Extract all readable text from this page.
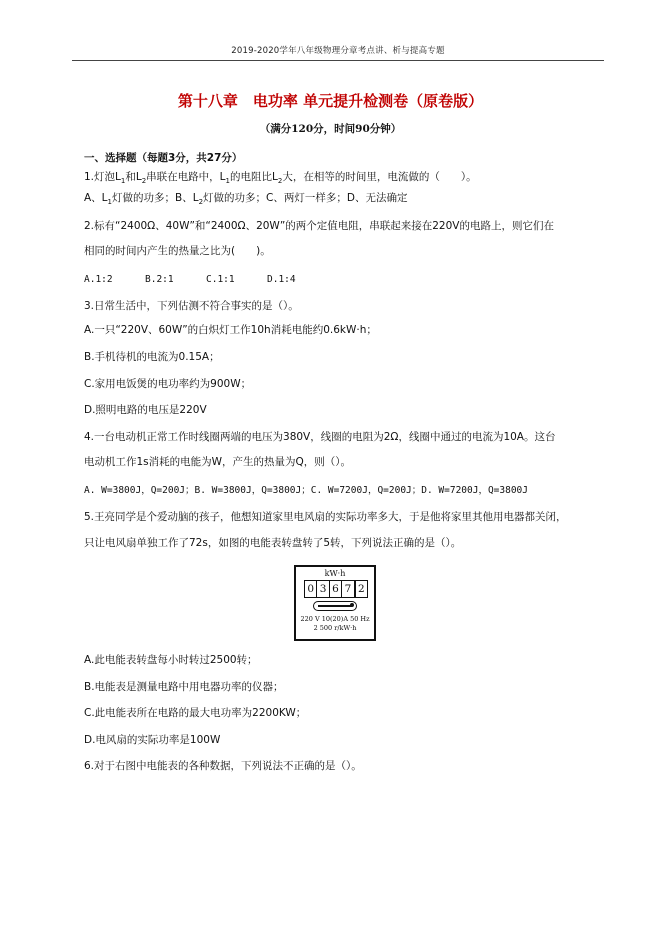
2019-2020学年八年级物理分章考点讲、析与提高专题
第十八章　电功率 单元提升检测卷（原卷版）
（满分120分，时间90分钟）
一、选择题（每题3分，共27分）
1.灯泡$L_1$和$L_2$串联在电路中，$L_1$的电阻比$L_2$大，在相等的时间里，电流做的（　　）。
A、$L_1$灯做的功多；B、$L_2$灯做的功多；C、两灯一样多；D、无法确定
2.标有“2400Ω、40W”和“2400Ω、20W”的两个定值电阻，串联起来接在220V的电路上，则它们在
相同的时间内产生的热量之比为(　　)。
A.1:2	B.2:1	C.1:1	D.1:4
3.日常生活中，下列估测不符合事实的是（）。
A.一只“220V、60W”的白炽灯工作10h消耗电能约0.6kW·h；
B.手机待机的电流为0.15A；
C.家用电饭煲的电功率约为900W；
D.照明电路的电压是220V
4.一台电动机正常工作时线圈两端的电压为380V，线圈的电阻为2Ω，线圈中通过的电流为10A。这台
电动机工作1s消耗的电能为W，产生的热量为Q，则（）。
A. W=3800J，Q=200J；B. W=3800J，Q=3800J；C. W=7200J，Q=200J；D. W=7200J，Q=3800J
5.王亮同学是个爱动脑的孩子，他想知道家里电风扇的实际功率多大，于是他将家里其他用电器都关闭，
只让电风扇单独工作了72s，如图的电能表转盘转了5转，下列说法正确的是（）。
kW·h
0 3 6 7 2
220 V 10(20)A 50 Hz
2 500 r/kW·h
A.此电能表转盘每小时转过2500转；
B.电能表是测量电路中用电器功率的仪器；
C.此电能表所在电路的最大电功率为2200KW；
D.电风扇的实际功率是100W
6.对于右图中电能表的各种数据，下列说法不正确的是（）。
